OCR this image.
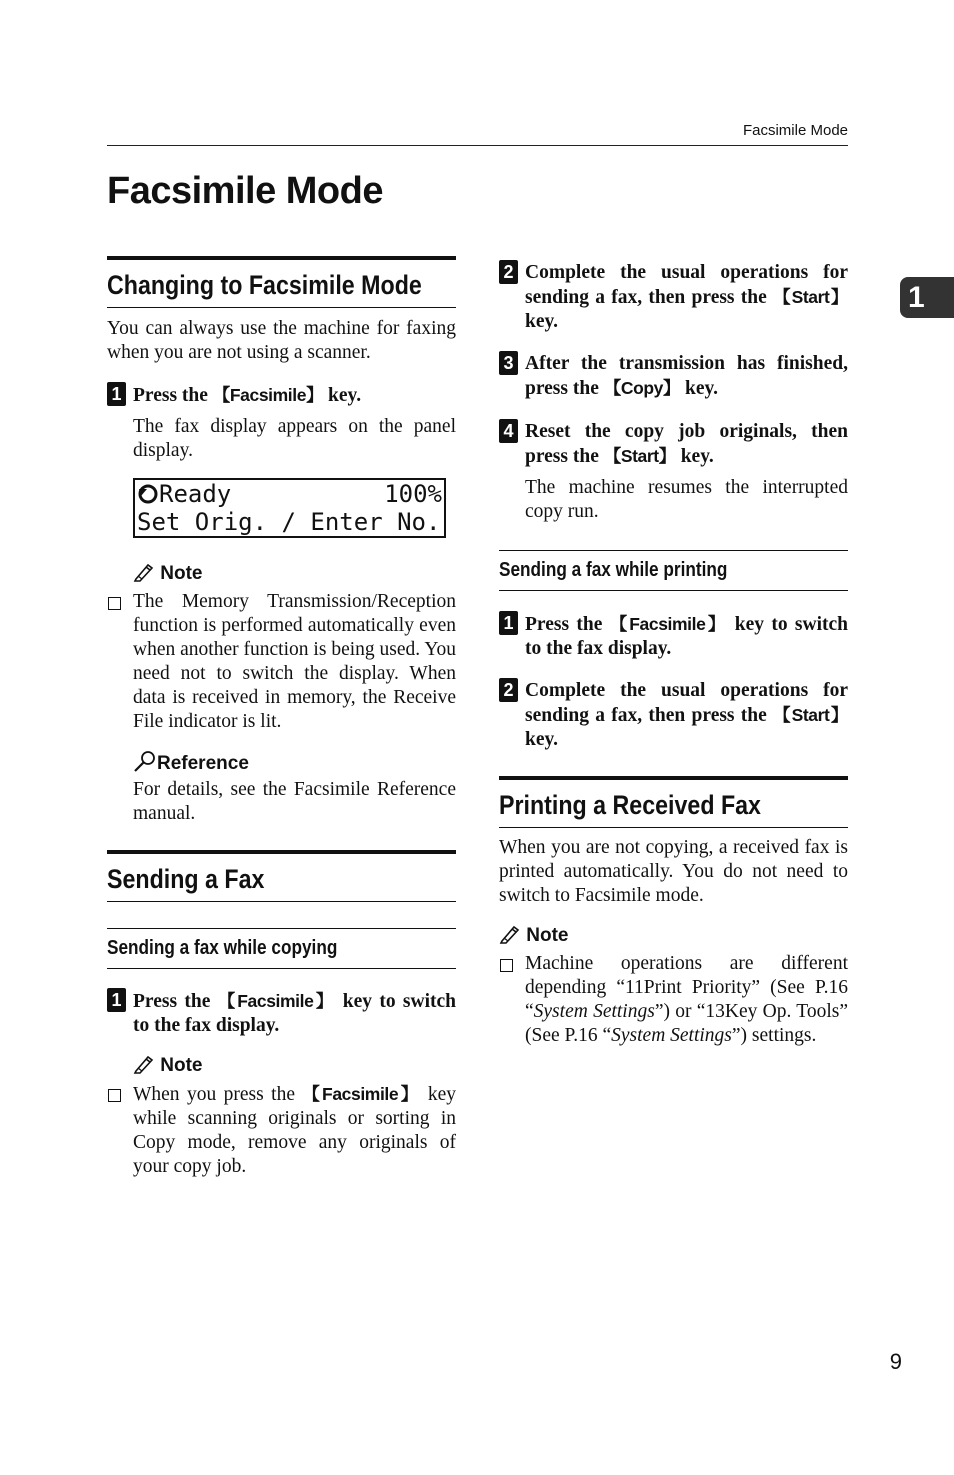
Facsimile Mode
Facsimile Mode
1
Changing to Facsimile Mode

You can always use the machine for faxing when you are not using a scanner.

1 Press the 【Facsimile】 key.
The fax display appears on the panel display.
Ready	100%
Set Orig. / Enter No.
Note
The Memory Transmission/Reception function is performed automatically even when another function is being used. You need not to switch the display. When data is received in memory, the Receive File indicator is lit.
Reference

For details, see the Facsimile Reference manual.

Sending a Fax
Sending a fax while copying
1 Press the 【Facsimile】 key to switch to the fax display.
Note
When you press the 【Facsimile】 key while scanning originals or sorting in Copy mode, remove any originals of your copy job.
2 Complete the usual operations for sending a fax, then press the 【Start】 key.
3 After the transmission has finished, press the 【Copy】 key.
4 Reset the copy job originals, then press the 【Start】 key.
The machine resumes the interrupted copy run.
Sending a fax while printing
1 Press the 【Facsimile】 key to switch to the fax display.
2 Complete the usual operations for sending a fax, then press the 【Start】 key.
Printing a Received Fax

When you are not copying, a received fax is printed automatically. You do not need to switch to Facsimile mode.

Note
Machine operations are different depending “11Print Priority” (See P.16 “System Settings”) or “13Key Op. Tools” (See P.16 “System Settings”) settings.
9
